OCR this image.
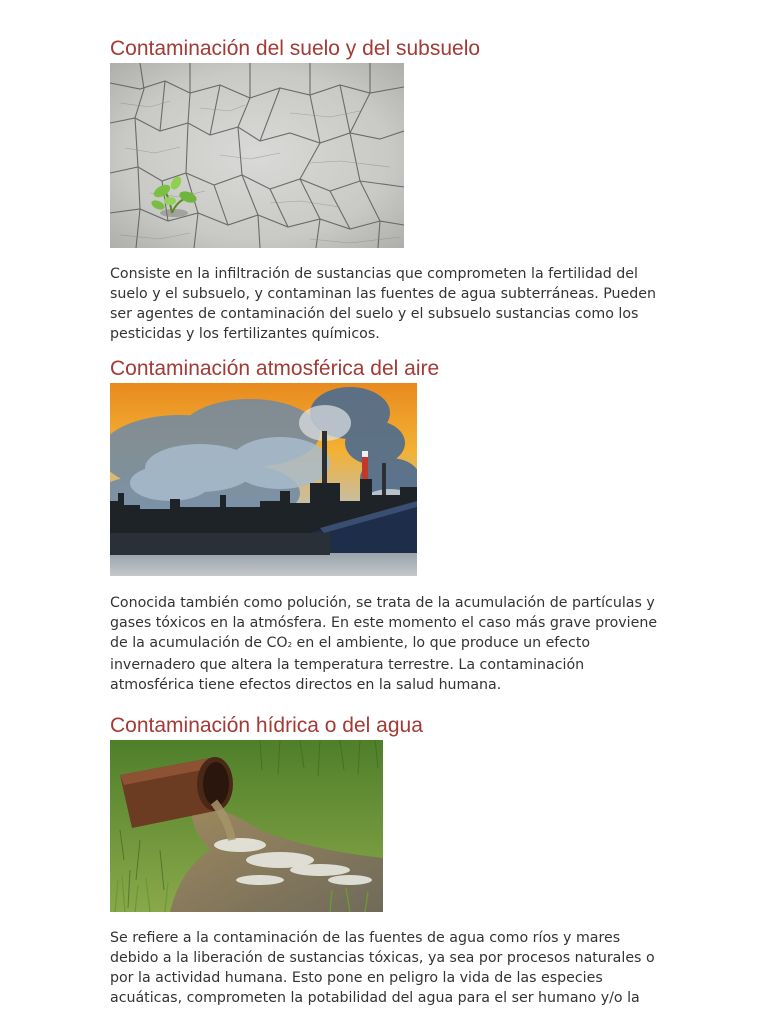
Contaminación del suelo y del subsuelo

Consiste en la infiltración de sustancias que comprometen la fertilidad del suelo y el subsuelo, y contaminan las fuentes de agua subterráneas. Pueden ser agentes de contaminación del suelo y el subsuelo sustancias como los pesticidas y los fertilizantes químicos.

Contaminación atmosférica del aire

Conocida también como polución, se trata de la acumulación de partículas y gases tóxicos en la atmósfera. En este momento el caso más grave proviene de la acumulación de CO2 en el ambiente, lo que produce un efecto invernadero que altera la temperatura terrestre. La contaminación atmosférica tiene efectos directos en la salud humana.

Contaminación hídrica o del agua

Se refiere a la contaminación de las fuentes de agua como ríos y mares debido a la liberación de sustancias tóxicas, ya sea por procesos naturales o por la actividad humana. Esto pone en peligro la vida de las especies acuáticas, comprometen la potabilidad del agua para el ser humano y/o la
